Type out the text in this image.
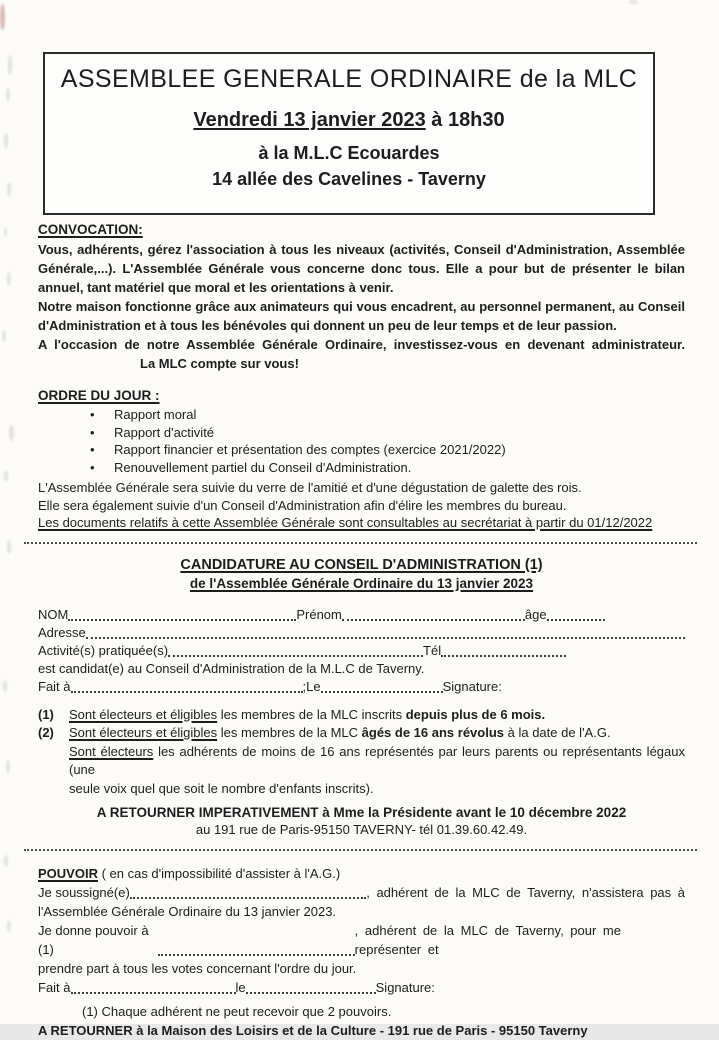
ASSEMBLEE GENERALE ORDINAIRE de la MLC
Vendredi 13 janvier 2023 à 18h30
à la M.L.C Ecouardes
14 allée des Cavelines - Taverny
CONVOCATION:
Vous, adhérents, gérez l'association à tous les niveaux (activités, Conseil d'Administration, Assemblée
Générale,...). L'Assemblée Générale vous concerne donc tous. Elle a pour but de présenter le bilan
annuel, tant matériel que moral et les orientations à venir.
Notre maison fonctionne grâce aux animateurs qui vous encadrent, au personnel permanent, au Conseil
d'Administration et à tous les bénévoles qui donnent un peu de leur temps et de leur passion.
A l'occasion de notre Assemblée Générale Ordinaire, investissez-vous en devenant administrateur.
La MLC compte sur vous!
ORDRE DU JOUR :
• Rapport moral
• Rapport d'activité
• Rapport financier et présentation des comptes (exercice 2021/2022)
• Renouvellement partiel du Conseil d'Administration.
L'Assemblée Générale sera suivie du verre de l'amitié et d'une dégustation de galette des rois.
Elle sera également suivie d'un Conseil d'Administration afin d'élire les membres du bureau.
Les documents relatifs à cette Assemblée Générale sont consultables au secrétariat à partir du 01/12/2022
CANDIDATURE AU CONSEIL D'ADMINISTRATION (1)
de l'Assemblée Générale Ordinaire du 13 janvier 2023
NOM	Prénom	âge
Adresse
Activité(s) pratiquée(s)	Tél
est candidat(e) au Conseil d'Administration de la M.L.C de Taverny.
Fait à	;Le	Signature:
(1)	Sont électeurs et éligibles les membres de la MLC inscrits depuis plus de 6 mois.
(2)	Sont électeurs et éligibles les membres de la MLC âgés de 16 ans révolus à la date de l'A.G.
Sont électeurs les adhérents de moins de 16 ans représentés par leurs parents ou représentants légaux (une
seule voix quel que soit le nombre d'enfants inscrits).
A RETOURNER IMPERATIVEMENT à Mme la Présidente avant le 10 décembre 2022
au 191 rue de Paris-95150 TAVERNY- tél 01.39.60.42.49.
POUVOIR ( en cas d'impossibilité d'assister à l'A.G.)
Je soussigné(e)	, adhérent de la MLC de Taverny, n'assistera pas à
l'Assemblée Générale Ordinaire du 13 janvier 2023.
Je donne pouvoir à (1)
, adhérent de la MLC de Taverny, pour me représenter et
prendre part à tous les votes concernant l'ordre du jour.
Fait à	le	Signature:
(1) Chaque adhérent ne peut recevoir que 2 pouvoirs.
A RETOURNER à la Maison des Loisirs et de la Culture - 191 rue de Paris - 95150 Taverny
